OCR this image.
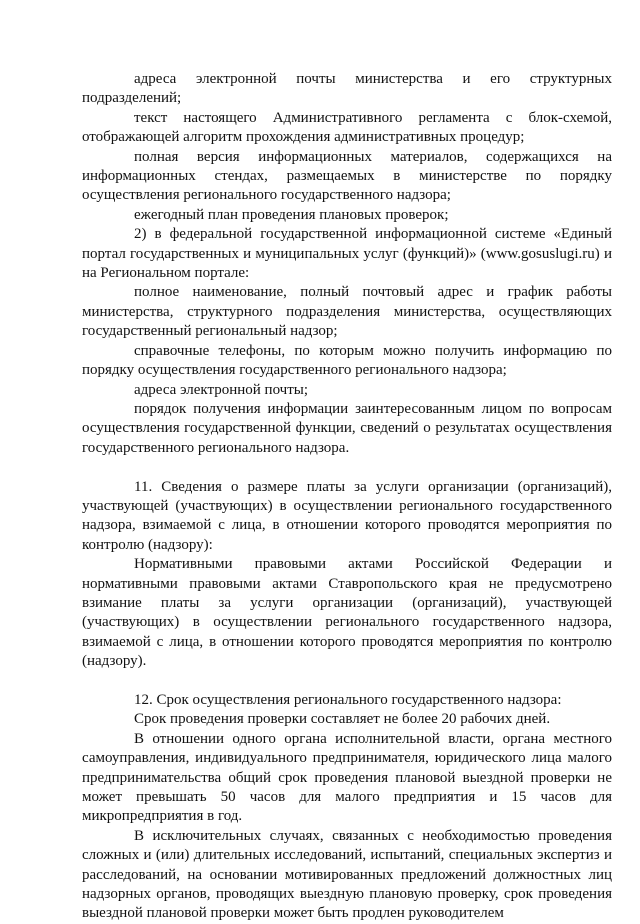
адреса электронной почты министерства и его структурных подразделений;

текст настоящего Административного регламента с блок-схемой, отображающей алгоритм прохождения административных процедур;

полная версия информационных материалов, содержащихся на информационных стендах, размещаемых в министерстве по порядку осуществления регионального государственного надзора;

ежегодный план проведения плановых проверок;

2) в федеральной государственной информационной системе «Единый портал государственных и муниципальных услуг (функций)» (www.gosuslugi.ru) и на Региональном портале:

полное наименование, полный почтовый адрес и график работы министерства, структурного подразделения министерства, осуществляющих государственный региональный надзор;

справочные телефоны, по которым можно получить информацию по порядку осуществления государственного регионального надзора;

адреса электронной почты;

порядок получения информации заинтересованным лицом по вопросам осуществления государственной функции, сведений о результатах осуществления государственного регионального надзора.

11. Сведения о размере платы за услуги организации (организаций), участвующей (участвующих) в осуществлении регионального государственного надзора, взимаемой с лица, в отношении которого проводятся мероприятия по контролю (надзору):

Нормативными правовыми актами Российской Федерации и нормативными правовыми актами Ставропольского края не предусмотрено взимание платы за услуги организации (организаций), участвующей (участвующих) в осуществлении регионального государственного надзора, взимаемой с лица, в отношении которого проводятся мероприятия по контролю (надзору).

12. Срок осуществления регионального государственного надзора:

Срок проведения проверки составляет не более 20 рабочих дней.

В отношении одного органа исполнительной власти, органа местного самоуправления, индивидуального предпринимателя, юридического лица малого предпринимательства общий срок проведения плановой выездной проверки не может превышать 50 часов для малого предприятия и 15 часов для микропредприятия в год.

В исключительных случаях, связанных с необходимостью проведения сложных и (или) длительных исследований, испытаний, специальных экспертиз и расследований, на основании мотивированных предложений должностных лиц надзорных органов, проводящих выездную плановую проверку, срок проведения выездной плановой проверки может быть продлен руководителем
